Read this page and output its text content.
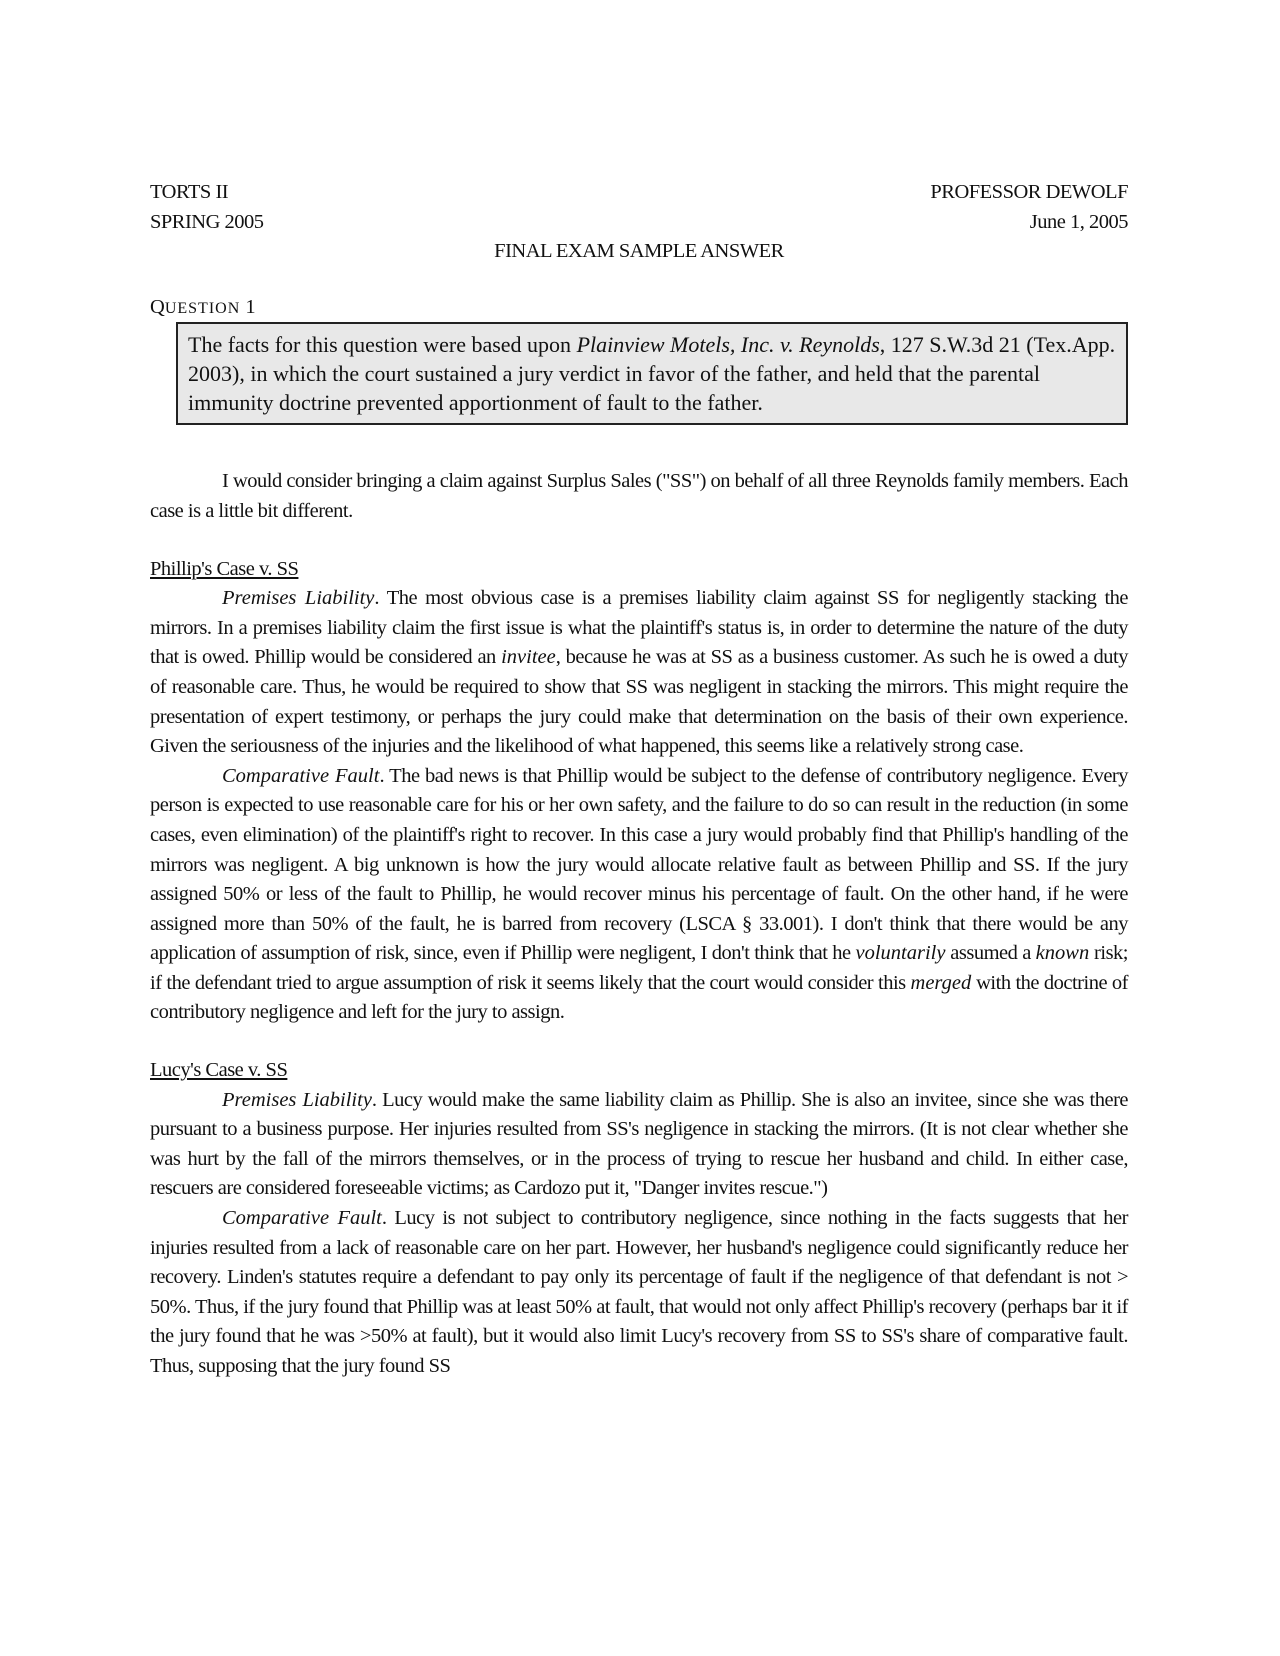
TORTS II	PROFESSOR DEWOLF
SPRING 2005	June 1, 2005
FINAL EXAM SAMPLE ANSWER
QUESTION 1
The facts for this question were based upon Plainview Motels, Inc. v. Reynolds, 127 S.W.3d 21 (Tex.App. 2003), in which the court sustained a jury verdict in favor of the father, and held that the parental immunity doctrine prevented apportionment of fault to the father.

I would consider bringing a claim against Surplus Sales ("SS") on behalf of all three Reynolds family members. Each case is a little bit different.

Phillip's Case v. SS

Premises Liability. The most obvious case is a premises liability claim against SS for negligently stacking the mirrors. In a premises liability claim the first issue is what the plaintiff's status is, in order to determine the nature of the duty that is owed. Phillip would be considered an invitee, because he was at SS as a business customer. As such he is owed a duty of reasonable care. Thus, he would be required to show that SS was negligent in stacking the mirrors. This might require the presentation of expert testimony, or perhaps the jury could make that determination on the basis of their own experience. Given the seriousness of the injuries and the likelihood of what happened, this seems like a relatively strong case.

Comparative Fault. The bad news is that Phillip would be subject to the defense of contributory negligence. Every person is expected to use reasonable care for his or her own safety, and the failure to do so can result in the reduction (in some cases, even elimination) of the plaintiff's right to recover. In this case a jury would probably find that Phillip's handling of the mirrors was negligent. A big unknown is how the jury would allocate relative fault as between Phillip and SS. If the jury assigned 50% or less of the fault to Phillip, he would recover minus his percentage of fault. On the other hand, if he were assigned more than 50% of the fault, he is barred from recovery (LSCA § 33.001). I don't think that there would be any application of assumption of risk, since, even if Phillip were negligent, I don't think that he voluntarily assumed a known risk; if the defendant tried to argue assumption of risk it seems likely that the court would consider this merged with the doctrine of contributory negligence and left for the jury to assign.

Lucy's Case v. SS

Premises Liability. Lucy would make the same liability claim as Phillip. She is also an invitee, since she was there pursuant to a business purpose. Her injuries resulted from SS's negligence in stacking the mirrors. (It is not clear whether she was hurt by the fall of the mirrors themselves, or in the process of trying to rescue her husband and child. In either case, rescuers are considered foreseeable victims; as Cardozo put it, "Danger invites rescue.")

Comparative Fault. Lucy is not subject to contributory negligence, since nothing in the facts suggests that her injuries resulted from a lack of reasonable care on her part. However, her husband's negligence could significantly reduce her recovery. Linden's statutes require a defendant to pay only its percentage of fault if the negligence of that defendant is not > 50%. Thus, if the jury found that Phillip was at least 50% at fault, that would not only affect Phillip's recovery (perhaps bar it if the jury found that he was >50% at fault), but it would also limit Lucy's recovery from SS to SS's share of comparative fault. Thus, supposing that the jury found SS
